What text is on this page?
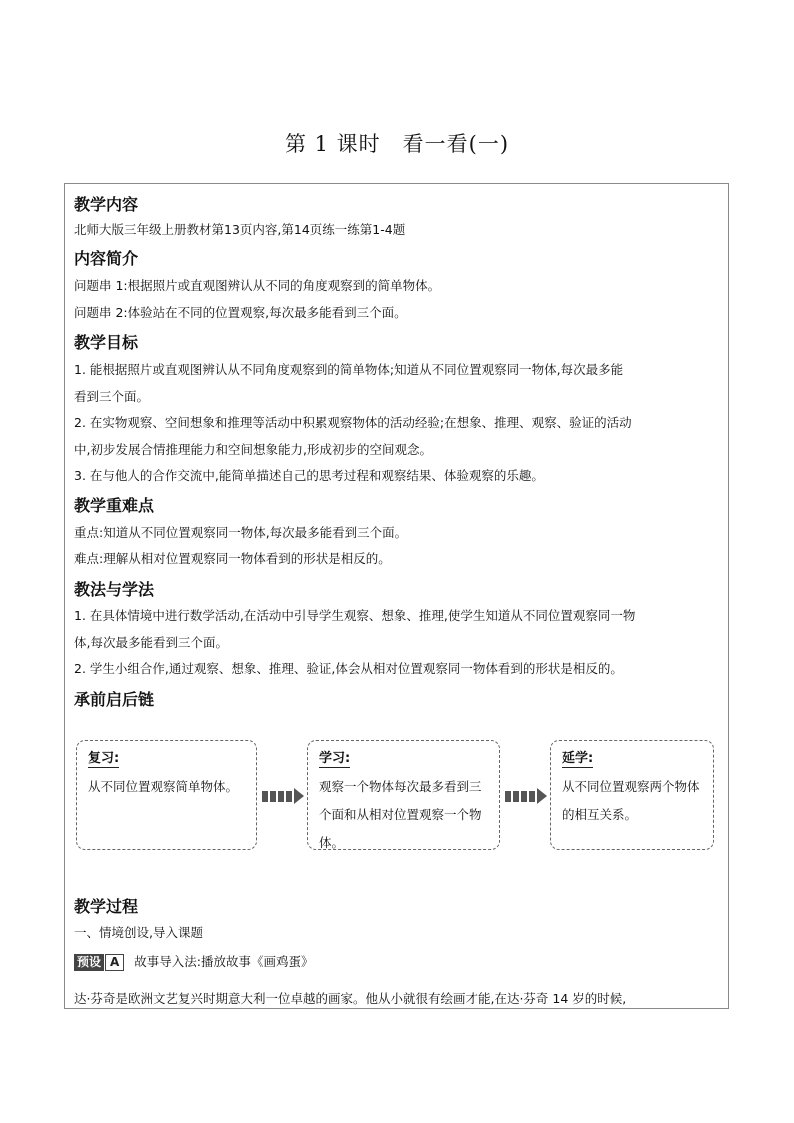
第 1 课时　看一看(一)
教学内容
北师大版三年级上册教材第13页内容,第14页练一练第1-4题
内容简介
问题串 1:根据照片或直观图辨认从不同的角度观察到的简单物体。
问题串 2:体验站在不同的位置观察,每次最多能看到三个面。
教学目标
1. 能根据照片或直观图辨认从不同角度观察到的简单物体;知道从不同位置观察同一物体,每次最多能
看到三个面。
2. 在实物观察、空间想象和推理等活动中积累观察物体的活动经验;在想象、推理、观察、验证的活动
中,初步发展合情推理能力和空间想象能力,形成初步的空间观念。
3. 在与他人的合作交流中,能简单描述自己的思考过程和观察结果、体验观察的乐趣。
教学重难点
重点:知道从不同位置观察同一物体,每次最多能看到三个面。
难点:理解从相对位置观察同一物体看到的形状是相反的。
教法与学法
1. 在具体情境中进行数学活动,在活动中引导学生观察、想象、推理,使学生知道从不同位置观察同一物
体,每次最多能看到三个面。
2. 学生小组合作,通过观察、想象、推理、验证,体会从相对位置观察同一物体看到的形状是相反的。
承前启后链
复习:
从不同位置观察简单物体。
学习:
观察一个物体每次最多看到三个面和从相对位置观察一个物体。
延学:
从不同位置观察两个物体的相互关系。
教学过程
一、情境创设,导入课题
预设 A 故事导入法:播放故事《画鸡蛋》
达·芬奇是欧洲文艺复兴时期意大利一位卓越的画家。他从小就很有绘画才能,在达·芬奇 14 岁的时候,
